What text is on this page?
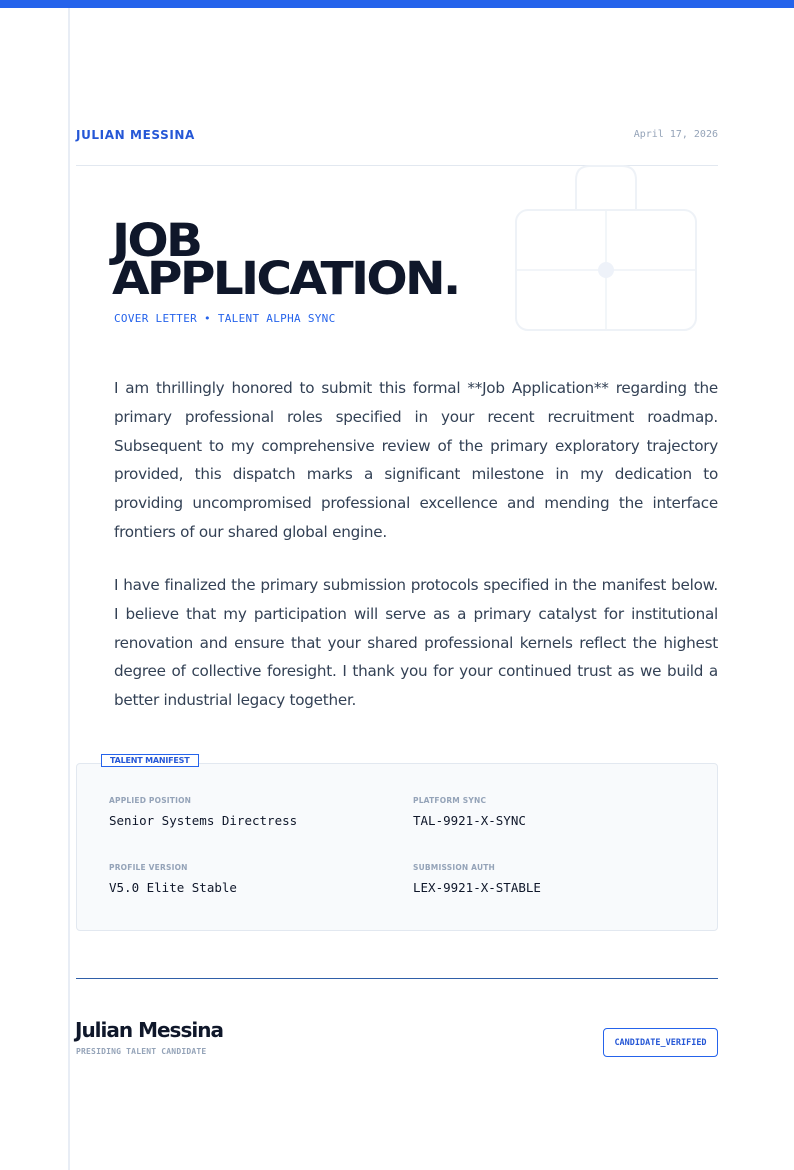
JULIAN MESSINA	April 17, 2026
JOB
APPLICATION.
COVER LETTER • TALENT ALPHA SYNC

I am thrillingly honored to submit this formal **Job Application** regarding the primary professional roles specified in your recent recruitment roadmap. Subsequent to my comprehensive review of the primary exploratory trajectory provided, this dispatch marks a significant milestone in my dedication to providing uncompromised professional excellence and mending the interface frontiers of our shared global engine.

I have finalized the primary submission protocols specified in the manifest below. I believe that my participation will serve as a primary catalyst for institutional renovation and ensure that your shared professional kernels reflect the highest degree of collective foresight. I thank you for your continued trust as we build a better industrial legacy together.

TALENT MANIFEST
APPLIED POSITION
Senior Systems Directress
PLATFORM SYNC
TAL-9921-X-SYNC
PROFILE VERSION
V5.0 Elite Stable
SUBMISSION AUTH
LEX-9921-X-STABLE
Julian Messina
PRESIDING TALENT CANDIDATE
CANDIDATE_VERIFIED
